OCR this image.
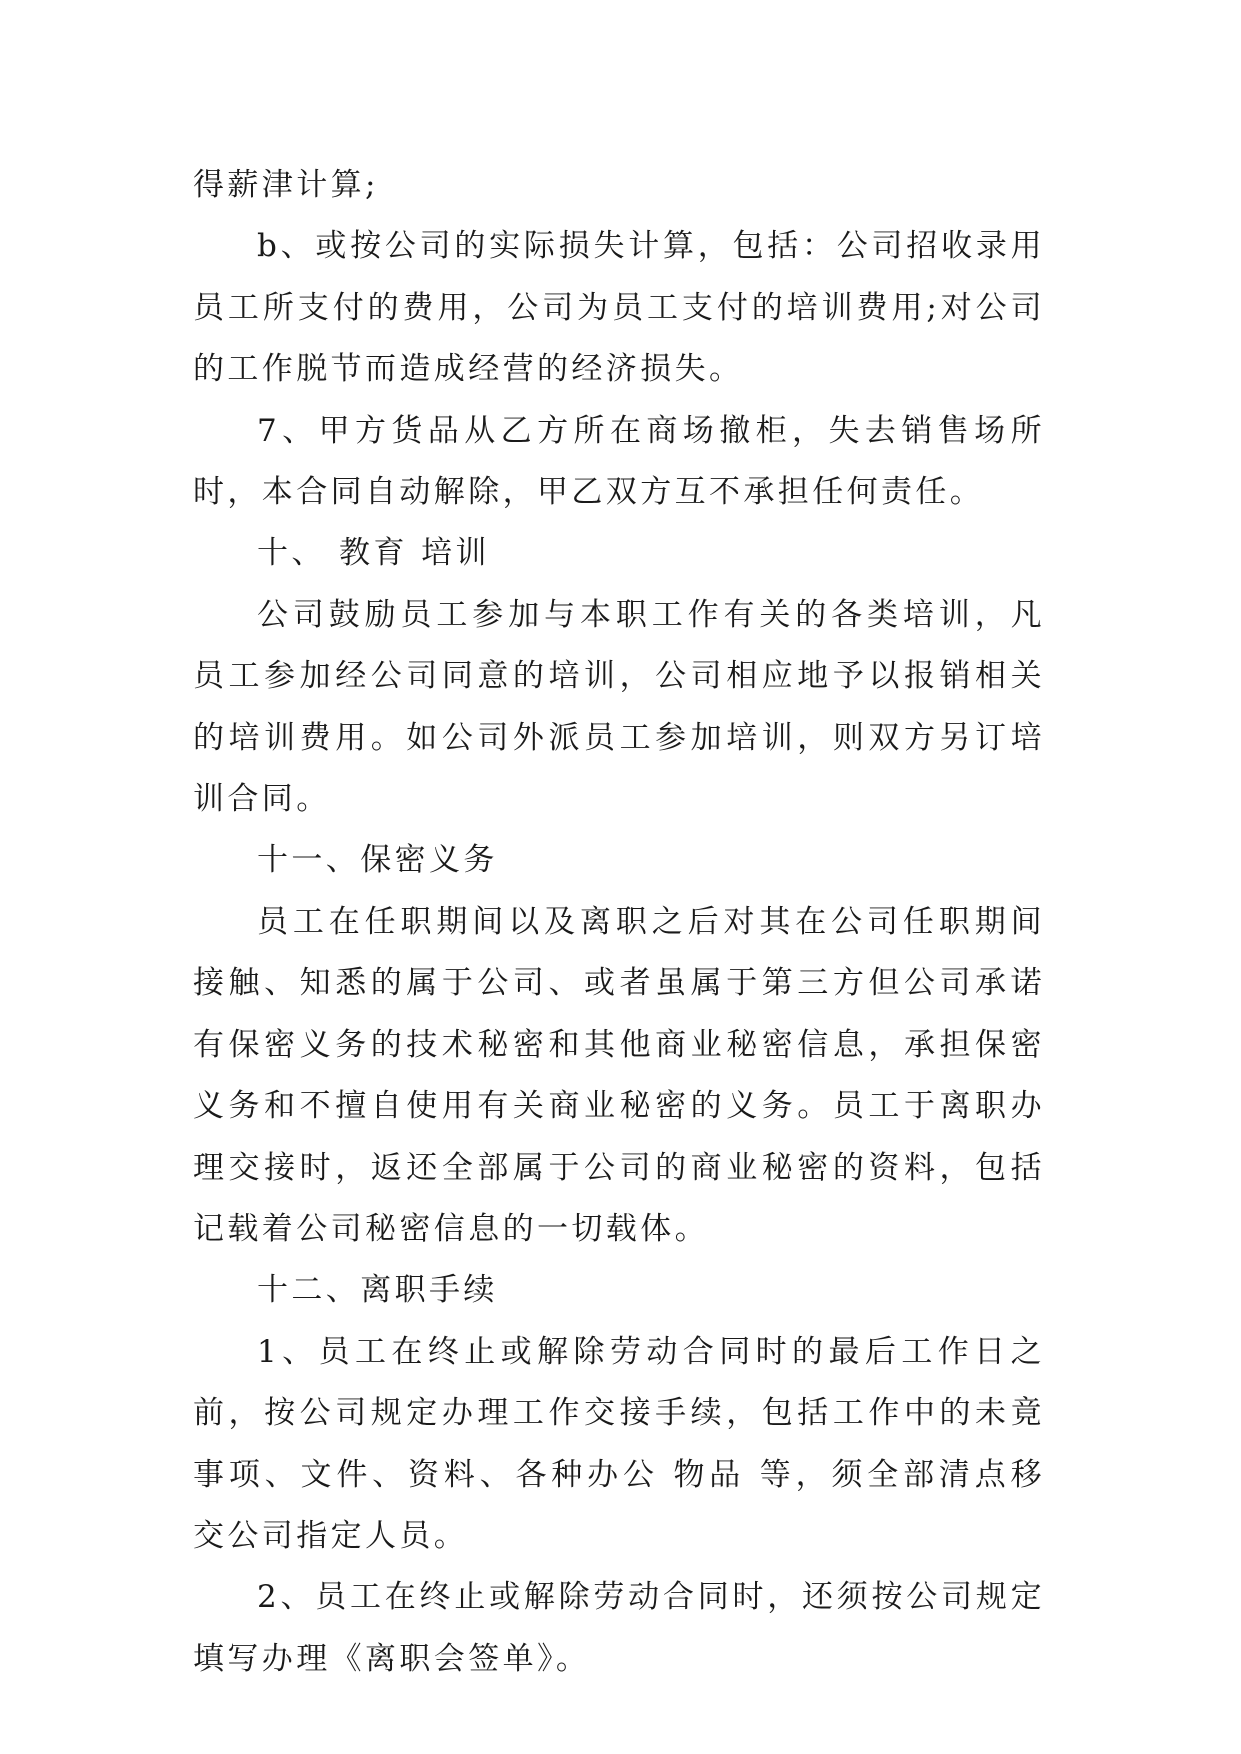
得薪津计算;

b、或按公司的实际损失计算，包括：公司招收录用员工所支付的费用，公司为员工支付的培训费用;对公司的工作脱节而造成经营的经济损失。

7、甲方货品从乙方所在商场撤柜，失去销售场所时，本合同自动解除，甲乙双方互不承担任何责任。

十、 教育 培训

公司鼓励员工参加与本职工作有关的各类培训，凡员工参加经公司同意的培训，公司相应地予以报销相关的培训费用。如公司外派员工参加培训，则双方另订培训合同。

十一、保密义务

员工在任职期间以及离职之后对其在公司任职期间接触、知悉的属于公司、或者虽属于第三方但公司承诺有保密义务的技术秘密和其他商业秘密信息，承担保密义务和不擅自使用有关商业秘密的义务。员工于离职办理交接时，返还全部属于公司的商业秘密的资料，包括记载着公司秘密信息的一切载体。

十二、离职手续

1、员工在终止或解除劳动合同时的最后工作日之前，按公司规定办理工作交接手续，包括工作中的未竟事项、文件、资料、各种办公 物品 等，须全部清点移交公司指定人员。

2、员工在终止或解除劳动合同时，还须按公司规定填写办理《离职会签单》。
